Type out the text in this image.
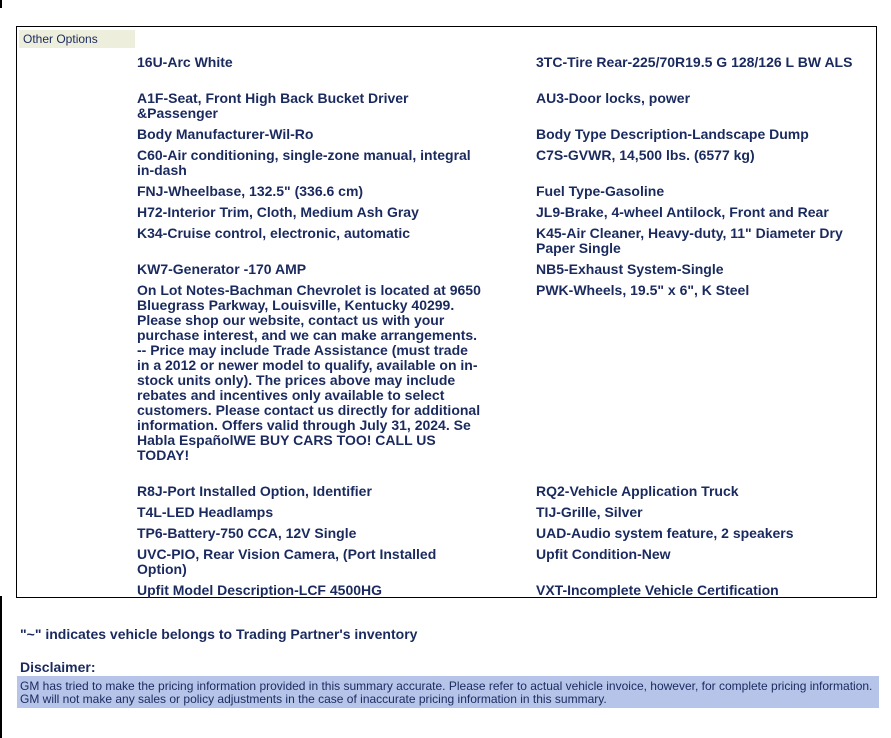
Other Options
16U-Arc White
A1F-Seat, Front High Back Bucket Driver &Passenger
Body Manufacturer-Wil-Ro
C60-Air conditioning, single-zone manual, integral in-dash
FNJ-Wheelbase, 132.5" (336.6 cm)
H72-Interior Trim, Cloth, Medium Ash Gray
K34-Cruise control, electronic, automatic
KW7-Generator -170 AMP
On Lot Notes-Bachman Chevrolet is located at 9650 Bluegrass Parkway, Louisville, Kentucky 40299. Please shop our website, contact us with your purchase interest, and we can make arrangements. -- Price may include Trade Assistance (must trade in a 2012 or newer model to qualify, available on in-stock units only). The prices above may include rebates and incentives only available to select customers. Please contact us directly for additional information. Offers valid through July 31, 2024. Se Habla EspañolWE BUY CARS TOO! CALL US TODAY!
R8J-Port Installed Option, Identifier
T4L-LED Headlamps
TP6-Battery-750 CCA, 12V Single
UVC-PIO, Rear Vision Camera, (Port Installed Option)
Upfit Model Description-LCF 4500HG
3TC-Tire Rear-225/70R19.5 G 128/126 L BW ALS
AU3-Door locks, power
Body Type Description-Landscape Dump
C7S-GVWR, 14,500 lbs. (6577 kg)
Fuel Type-Gasoline
JL9-Brake, 4-wheel Antilock, Front and Rear
K45-Air Cleaner, Heavy-duty, 11" Diameter Dry Paper Single
NB5-Exhaust System-Single
PWK-Wheels, 19.5" x 6", K Steel
RQ2-Vehicle Application Truck
TIJ-Grille, Silver
UAD-Audio system feature, 2 speakers
Upfit Condition-New
VXT-Incomplete Vehicle Certification
"~" indicates vehicle belongs to Trading Partner's inventory
Disclaimer:
GM has tried to make the pricing information provided in this summary accurate. Please refer to actual vehicle invoice, however, for complete pricing information. GM will not make any sales or policy adjustments in the case of inaccurate pricing information in this summary.
